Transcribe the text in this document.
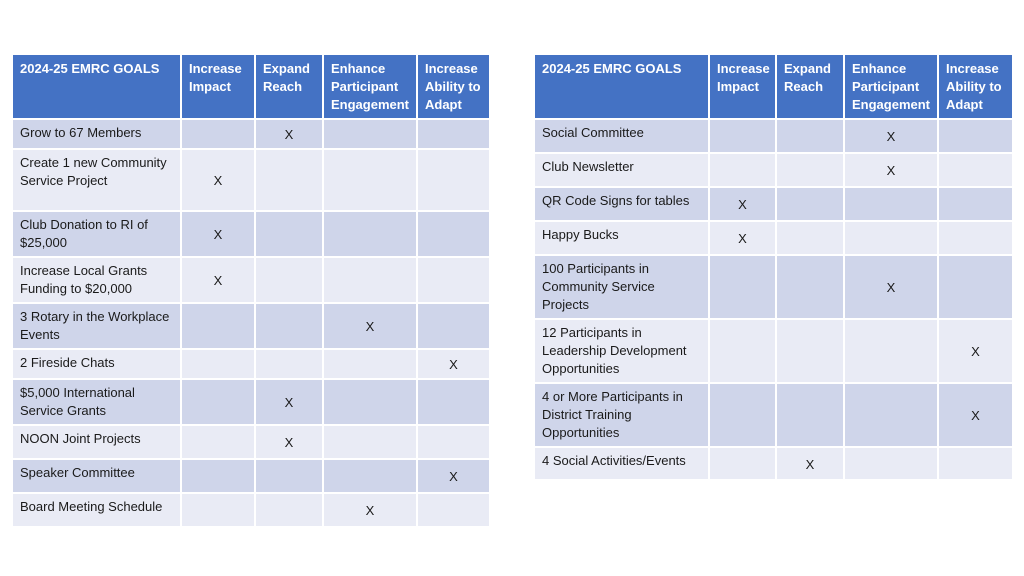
2024-25 EMRC GOALS	Increase Impact	Expand Reach	Enhance Participant Engagement	Increase Ability to Adapt
Grow to 67 Members		X		
Create 1 new Community Service Project	X			
Club Donation to RI of $25,000	X			
Increase Local Grants Funding to $20,000	X			
3 Rotary in the Workplace Events			X	
2 Fireside Chats				X
$5,000 International Service Grants		X		
NOON Joint Projects		X		
Speaker Committee				X
Board Meeting Schedule			X	
2024-25 EMRC GOALS	Increase Impact	Expand Reach	Enhance Participant Engagement	Increase Ability to Adapt
Social Committee			X	
Club Newsletter			X	
QR Code Signs for tables	X			
Happy Bucks	X			
100 Participants in Community Service Projects			X	
12 Participants in Leadership Development Opportunities				X
4 or More Participants in District Training Opportunities				X
4 Social Activities/Events		X		
